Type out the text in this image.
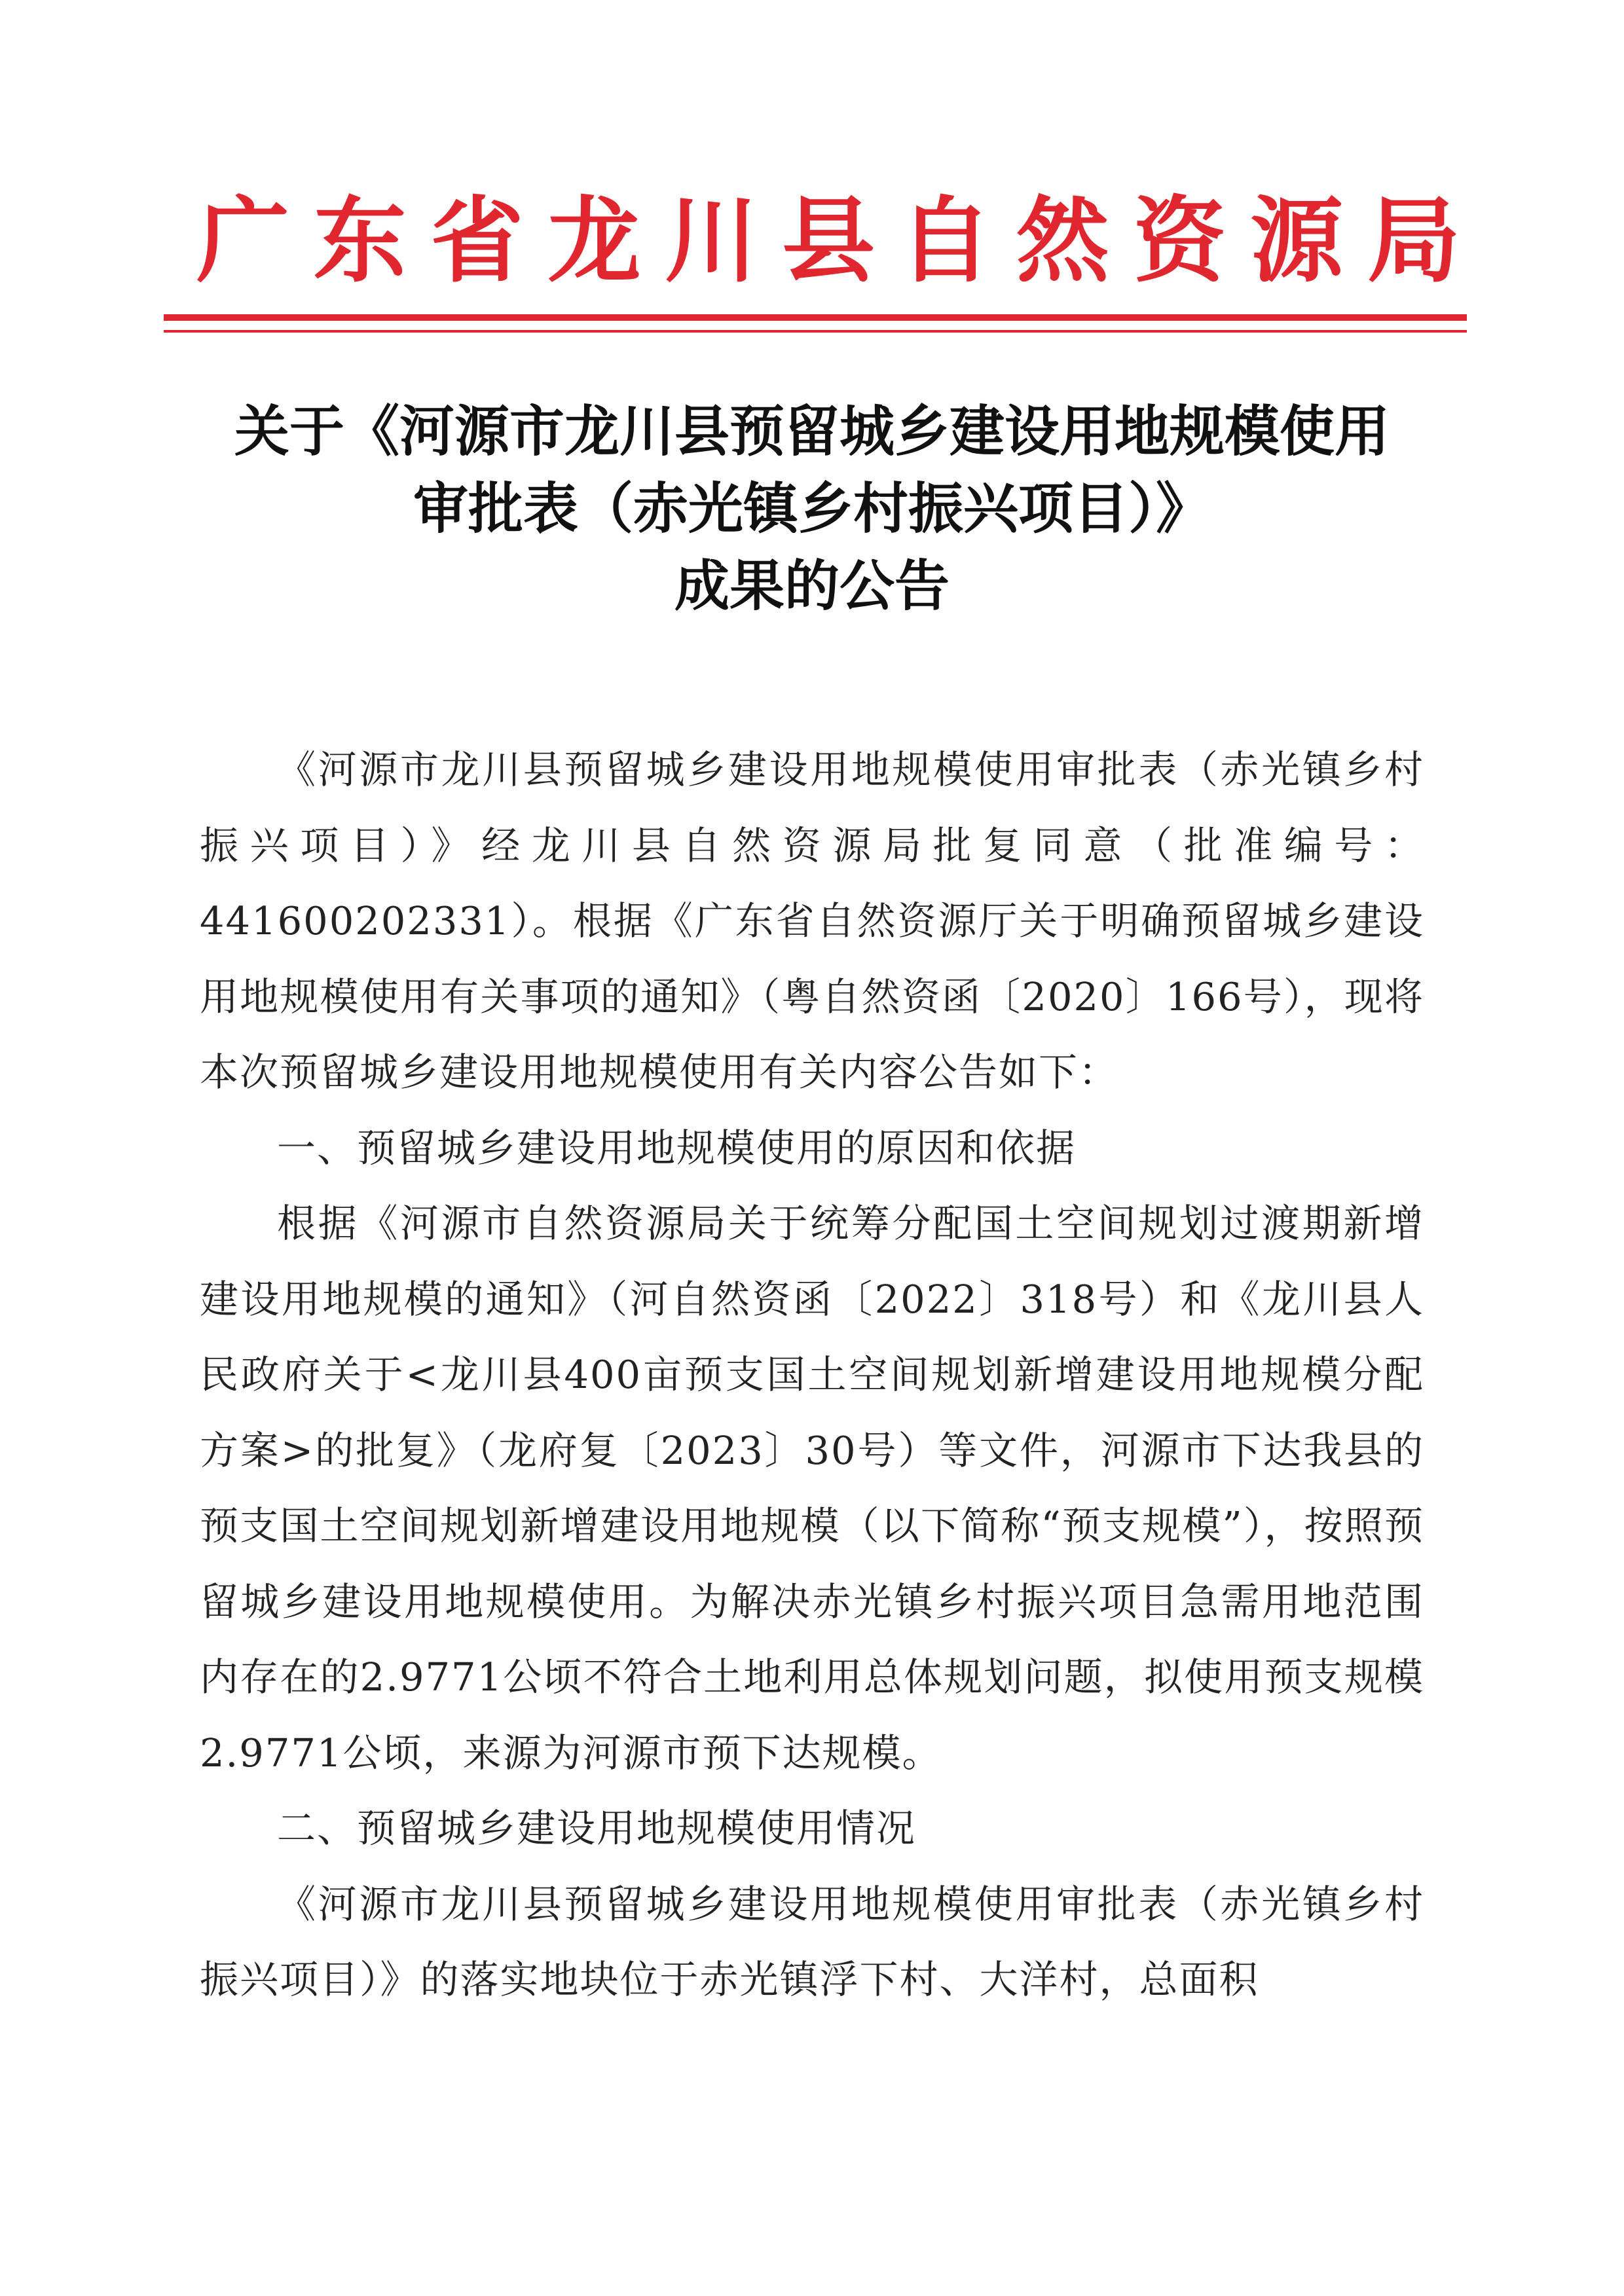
广东省龙川县自然资源局
关于《河源市龙川县预留城乡建设用地规模使用
审批表（赤光镇乡村振兴项目）》
成果的公告

《河源市龙川县预留城乡建设用地规模使用审批表（赤光镇乡村振兴项目）》经龙川县自然资源局批复同意（批准编号：441600202331）。根据《广东省自然资源厅关于明确预留城乡建设用地规模使用有关事项的通知》（粤自然资函〔2020〕166号），现将本次预留城乡建设用地规模使用有关内容公告如下：

一、预留城乡建设用地规模使用的原因和依据

根据《河源市自然资源局关于统筹分配国土空间规划过渡期新增建设用地规模的通知》（河自然资函〔2022〕318号）和《龙川县人民政府关于<龙川县400亩预支国土空间规划新增建设用地规模分配方案>的批复》（龙府复〔2023〕30号）等文件，河源市下达我县的预支国土空间规划新增建设用地规模（以下简称“预支规模”），按照预留城乡建设用地规模使用。为解决赤光镇乡村振兴项目急需用地范围内存在的2.9771公顷不符合土地利用总体规划问题，拟使用预支规模2.9771公顷，来源为河源市预下达规模。

二、预留城乡建设用地规模使用情况

《河源市龙川县预留城乡建设用地规模使用审批表（赤光镇乡村振兴项目）》的落实地块位于赤光镇浮下村、大洋村，总面积
